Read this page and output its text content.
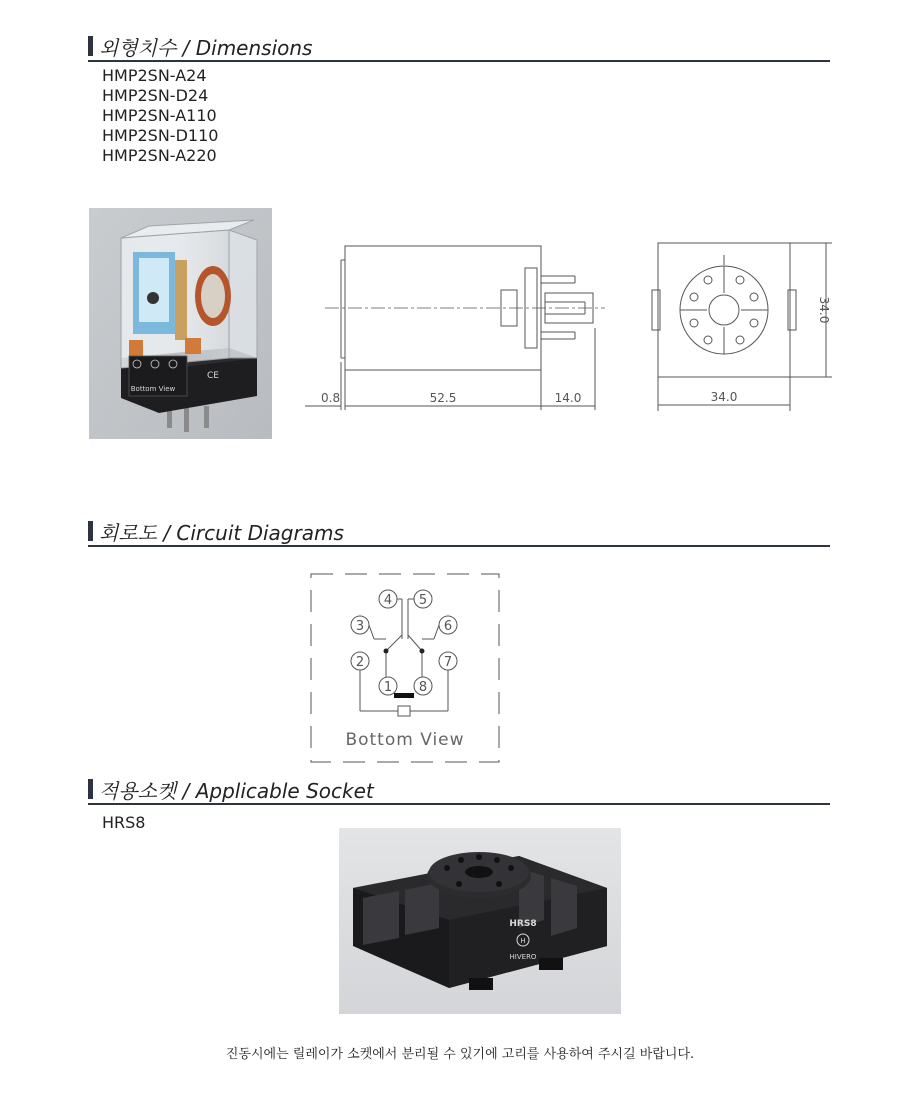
외형치수 / Dimensions
HMP2SN-A24
HMP2SN-D24
HMP2SN-A110
HMP2SN-D110
HMP2SN-A220
Bottom View
CE
0.8	52.5	14.0	34.0
34.0
회로도 / Circuit Diagrams
4 5
3	6
2	7
1 8
Bottom View
적용소켓 / Applicable Socket
HRS8
HRS8
H
HIVERO
진동시에는 릴레이가 소켓에서 분리될 수 있기에 고리를 사용하여 주시길 바랍니다.
